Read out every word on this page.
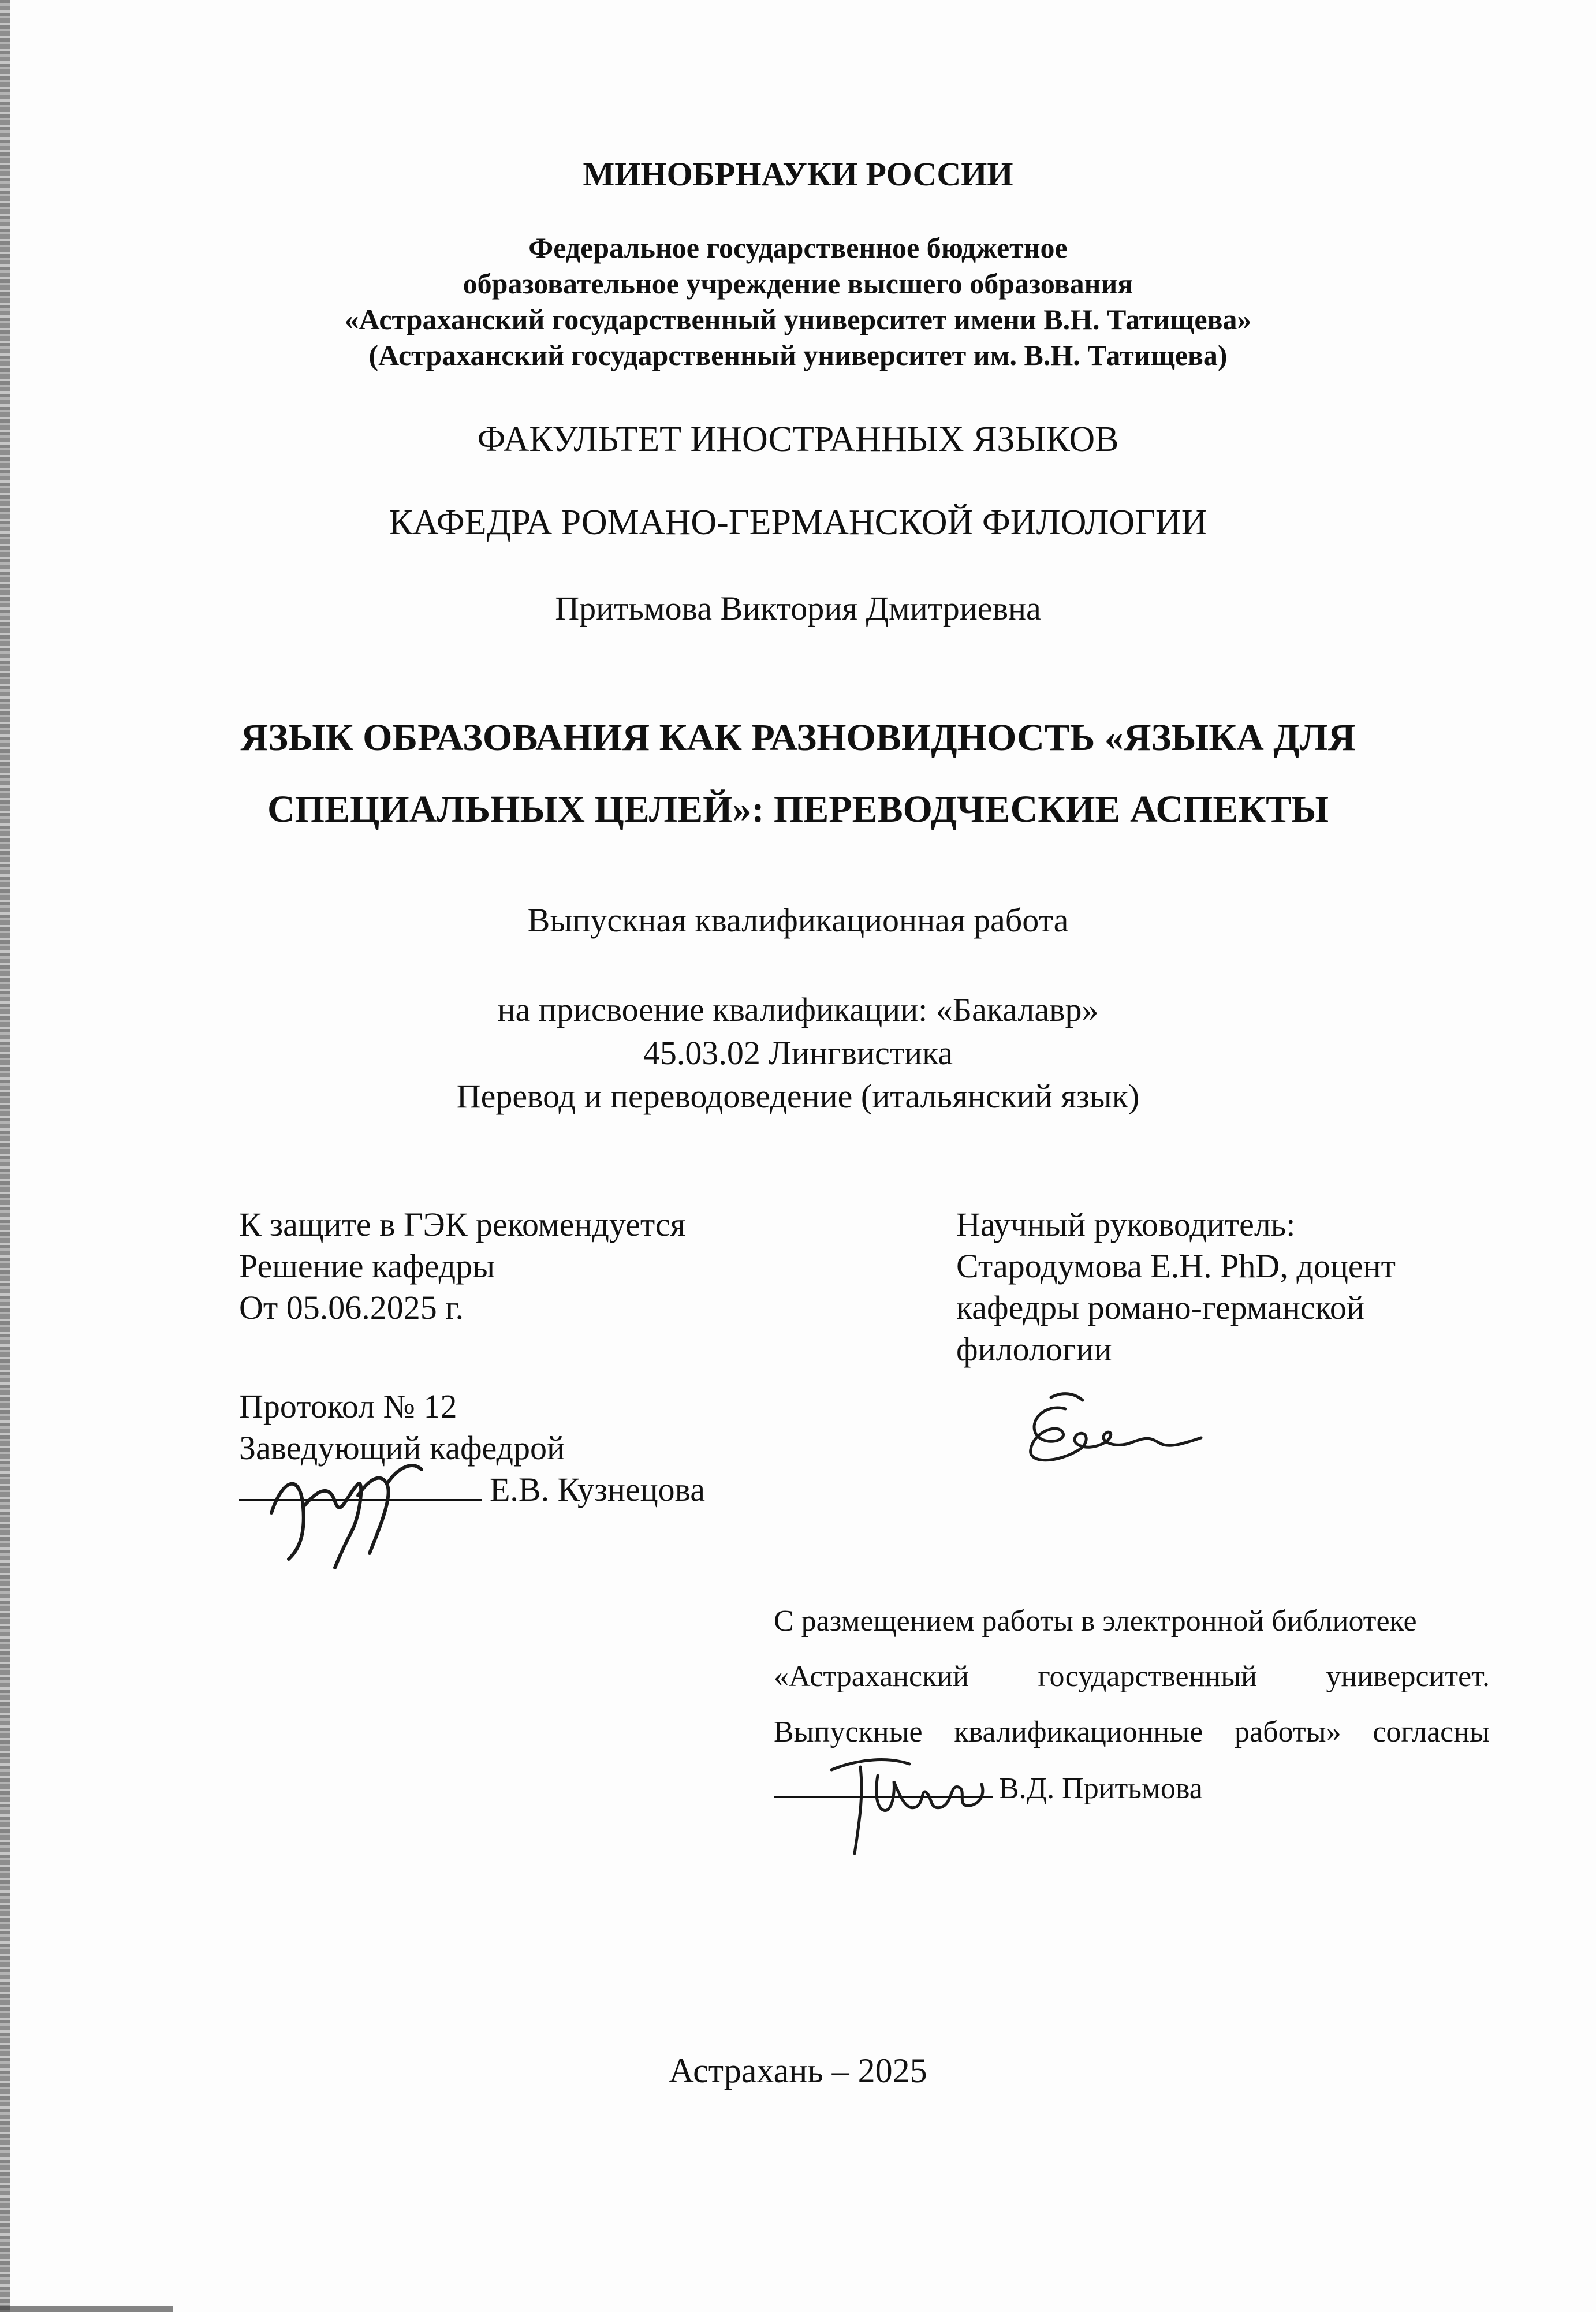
МИНОБРНАУКИ РОССИИ
Федеральное государственное бюджетное
образовательное учреждение высшего образования
«Астраханский государственный университет имени В.Н. Татищева»
(Астраханский государственный университет им. В.Н. Татищева)
ФАКУЛЬТЕТ ИНОСТРАННЫХ ЯЗЫКОВ
КАФЕДРА РОМАНО-ГЕРМАНСКОЙ ФИЛОЛОГИИ
Притьмова Виктория Дмитриевна
ЯЗЫК ОБРАЗОВАНИЯ КАК РАЗНОВИДНОСТЬ «ЯЗЫКА ДЛЯ
СПЕЦИАЛЬНЫХ ЦЕЛЕЙ»: ПЕРЕВОДЧЕСКИЕ АСПЕКТЫ
Выпускная квалификационная работа
на присвоение квалификации: «Бакалавр»
45.03.02 Лингвистика
Перевод и переводоведение (итальянский язык)
К защите в ГЭК рекомендуется
Решение кафедры
От 05.06.2025 г.
Научный руководитель:
Стародумова Е.Н. PhD, доцент
кафедры романо-германской
филологии
Протокол № 12
Заведующий кафедрой
Е.В. Кузнецова
С размещением работы в электронной библиотеке
«Астраханский государственный университет.
Выпускные квалификационные работы» согласны
В.Д. Притьмова
Астрахань – 2025
